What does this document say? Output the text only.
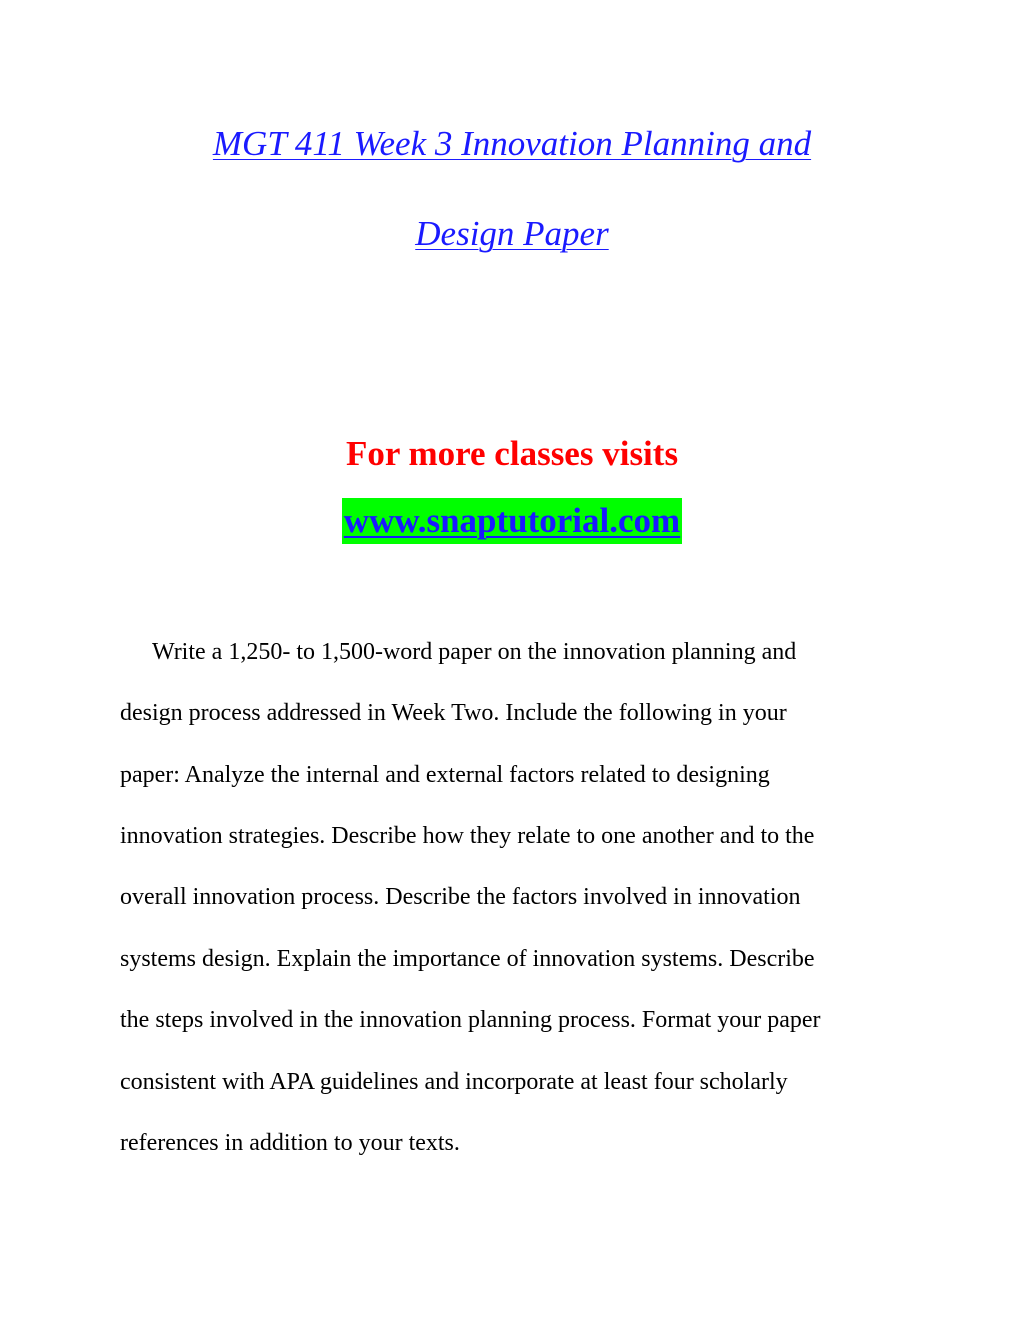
MGT 411 Week 3 Innovation Planning and
Design Paper
For more classes visits
www.snaptutorial.com
Write a 1,250- to 1,500-word paper on the innovation planning and
design process addressed in Week Two. Include the following in your
paper: Analyze the internal and external factors related to designing
innovation strategies. Describe how they relate to one another and to the
overall innovation process. Describe the factors involved in innovation
systems design. Explain the importance of innovation systems. Describe
the steps involved in the innovation planning process. Format your paper
consistent with APA guidelines and incorporate at least four scholarly
references in addition to your texts.
